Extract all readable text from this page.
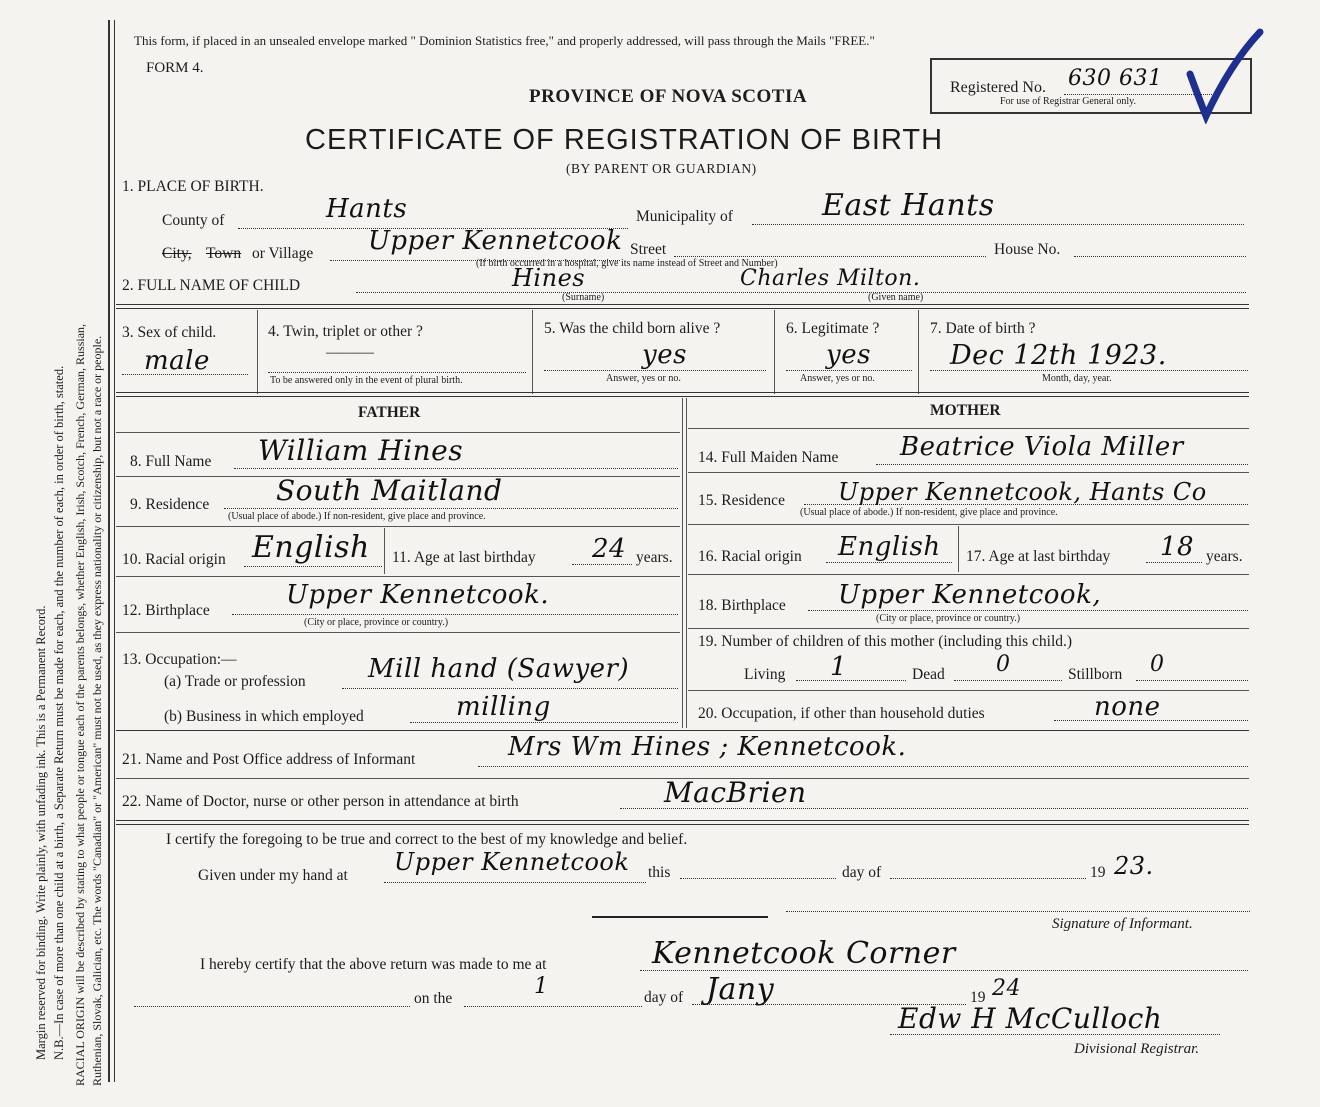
Margin reserved for binding. Write plainly, with unfading ink. This is a Permanent Record. N.B.—In case of more than one child at a birth, a Separate Return must be made for each, and the number of each, in order of birth, stated. RACIAL ORIGIN will be described by stating to what people or tongue each of the parents belongs, whether English, Irish, Scotch, French, German, Russian, Ruthenian, Slovak, Galician, etc. The words "Canadian" or "American" must not be used, as they express nationality or citizenship, but not a race or people.
This form, if placed in an unsealed envelope marked " Dominion Statistics free," and properly addressed, will pass through the Mails "FREE."
FORM 4.
PROVINCE OF NOVA SCOTIA
CERTIFICATE OF REGISTRATION OF BIRTH
(BY PARENT OR GUARDIAN)
Registered No. 630 631
For use of Registrar General only.
1. PLACE OF BIRTH.
County of	Hants	Municipality of	East Hants
City, Town or Village Upper Kennetcook Street	House No.
(If birth occurred in a hospital, give its name instead of Street and Number)
2. FULL NAME OF CHILD	Hines
(Surname)
Charles Milton.
(Given name)
3. Sex of child.
male
4. Twin, triplet or other ?
———
To be answered only in the event of plural birth.
5. Was the child born alive ?
yes
Answer, yes or no.
6. Legitimate ?
yes
Answer, yes or no.
7. Date of birth ?
Dec 12th 1923.
Month, day, year.
FATHER
8. Full Name William Hines
9. Residence South Maitland
(Usual place of abode.) If non-resident, give place and province.
10. Racial origin English 11. Age at last birthday 24 years.
12. Birthplace
Upper Kennetcook.
(City or place, province or country.)
13. Occupation:—
(a) Trade or profession Mill hand (Sawyer)
(b) Business in which employed	milling
MOTHER
14. Full Maiden Name Beatrice Viola Miller
15. Residence Upper Kennetcook, Hants Co
(Usual place of abode.) If non-resident, give place and province.
16. Racial origin English 17. Age at last birthday 18 years.
18. Birthplace Upper Kennetcook,
(City or place, province or country.)
19. Number of children of this mother (including this child.)
Living 1	Dead 0	Stillborn 0
20. Occupation, if other than household duties	none
21. Name and Post Office address of Informant	Mrs Wm Hines ; Kennetcook.
22. Name of Doctor, nurse or other person in attendance at birth	MacBrien
I certify the foregoing to be true and correct to the best of my knowledge and belief.
Given under my hand at Upper Kennetcook this	day of	19 23.
Signature of Informant.
I hereby certify that the above return was made to me at	Kennetcook Corner
on the	1	day of Jany	19 24
Edw H McCulloch
Divisional Registrar.
